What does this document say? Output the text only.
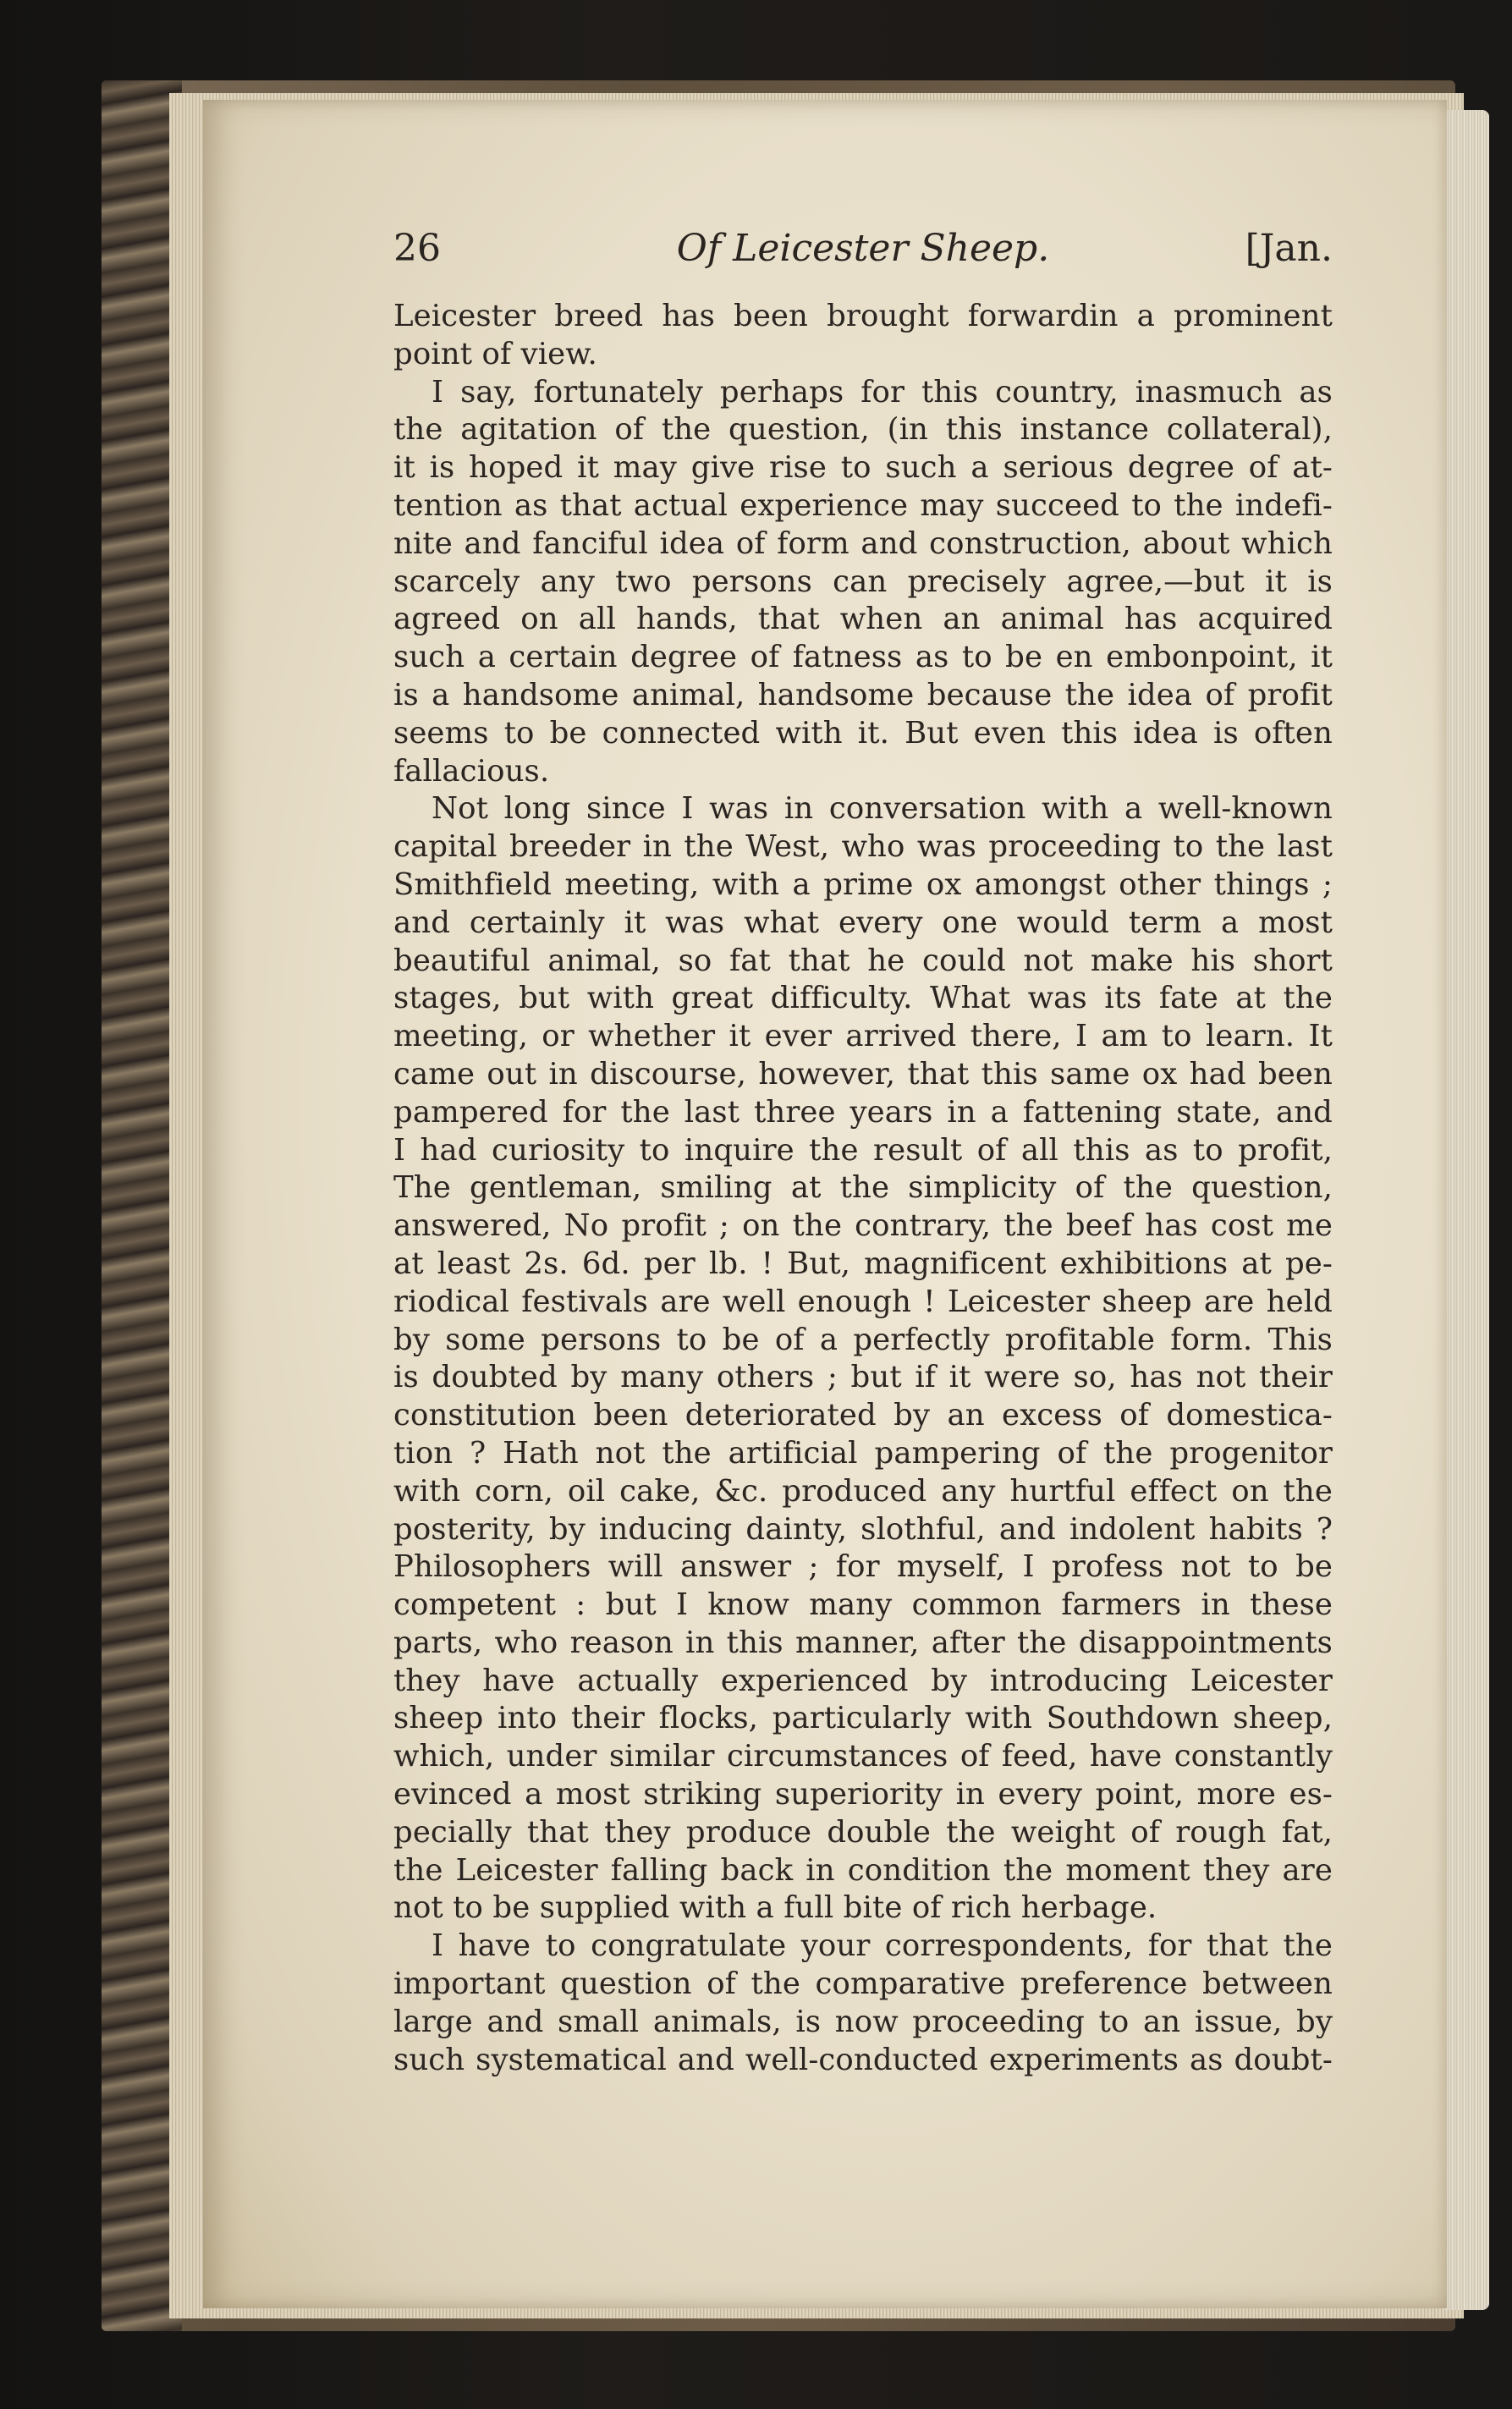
26	Of Leicester Sheep.	[Jan.
Leicester breed has been brought forwardin a prominent
point of view.
I say, fortunately perhaps for this country, inasmuch as
the agitation of the question, (in this instance collateral),
it is hoped it may give rise to such a serious degree of at-
tention as that actual experience may succeed to the indefi-
nite and fanciful idea of form and construction, about which
scarcely any two persons can precisely agree,—but it is
agreed on all hands, that when an animal has acquired
such a certain degree of fatness as to be en embonpoint, it
is a handsome animal, handsome because the idea of profit
seems to be connected with it. But even this idea is often
fallacious.
Not long since I was in conversation with a well-known
capital breeder in the West, who was proceeding to the last
Smithfield meeting, with a prime ox amongst other things ;
and certainly it was what every one would term a most
beautiful animal, so fat that he could not make his short
stages, but with great difficulty. What was its fate at the
meeting, or whether it ever arrived there, I am to learn. It
came out in discourse, however, that this same ox had been
pampered for the last three years in a fattening state, and
I had curiosity to inquire the result of all this as to profit,
The gentleman, smiling at the simplicity of the question,
answered, No profit ; on the contrary, the beef has cost me
at least 2s. 6d. per lb. ! But, magnificent exhibitions at pe-
riodical festivals are well enough ! Leicester sheep are held
by some persons to be of a perfectly profitable form. This
is doubted by many others ; but if it were so, has not their
constitution been deteriorated by an excess of domestica-
tion ? Hath not the artificial pampering of the progenitor
with corn, oil cake, &c. produced any hurtful effect on the
posterity, by inducing dainty, slothful, and indolent habits ?
Philosophers will answer ; for myself, I profess not to be
competent : but I know many common farmers in these
parts, who reason in this manner, after the disappointments
they have actually experienced by introducing Leicester
sheep into their flocks, particularly with Southdown sheep,
which, under similar circumstances of feed, have constantly
evinced a most striking superiority in every point, more es-
pecially that they produce double the weight of rough fat,
the Leicester falling back in condition the moment they are
not to be supplied with a full bite of rich herbage.
I have to congratulate your correspondents, for that the
important question of the comparative preference between
large and small animals, is now proceeding to an issue, by
such systematical and well-conducted experiments as doubt-
